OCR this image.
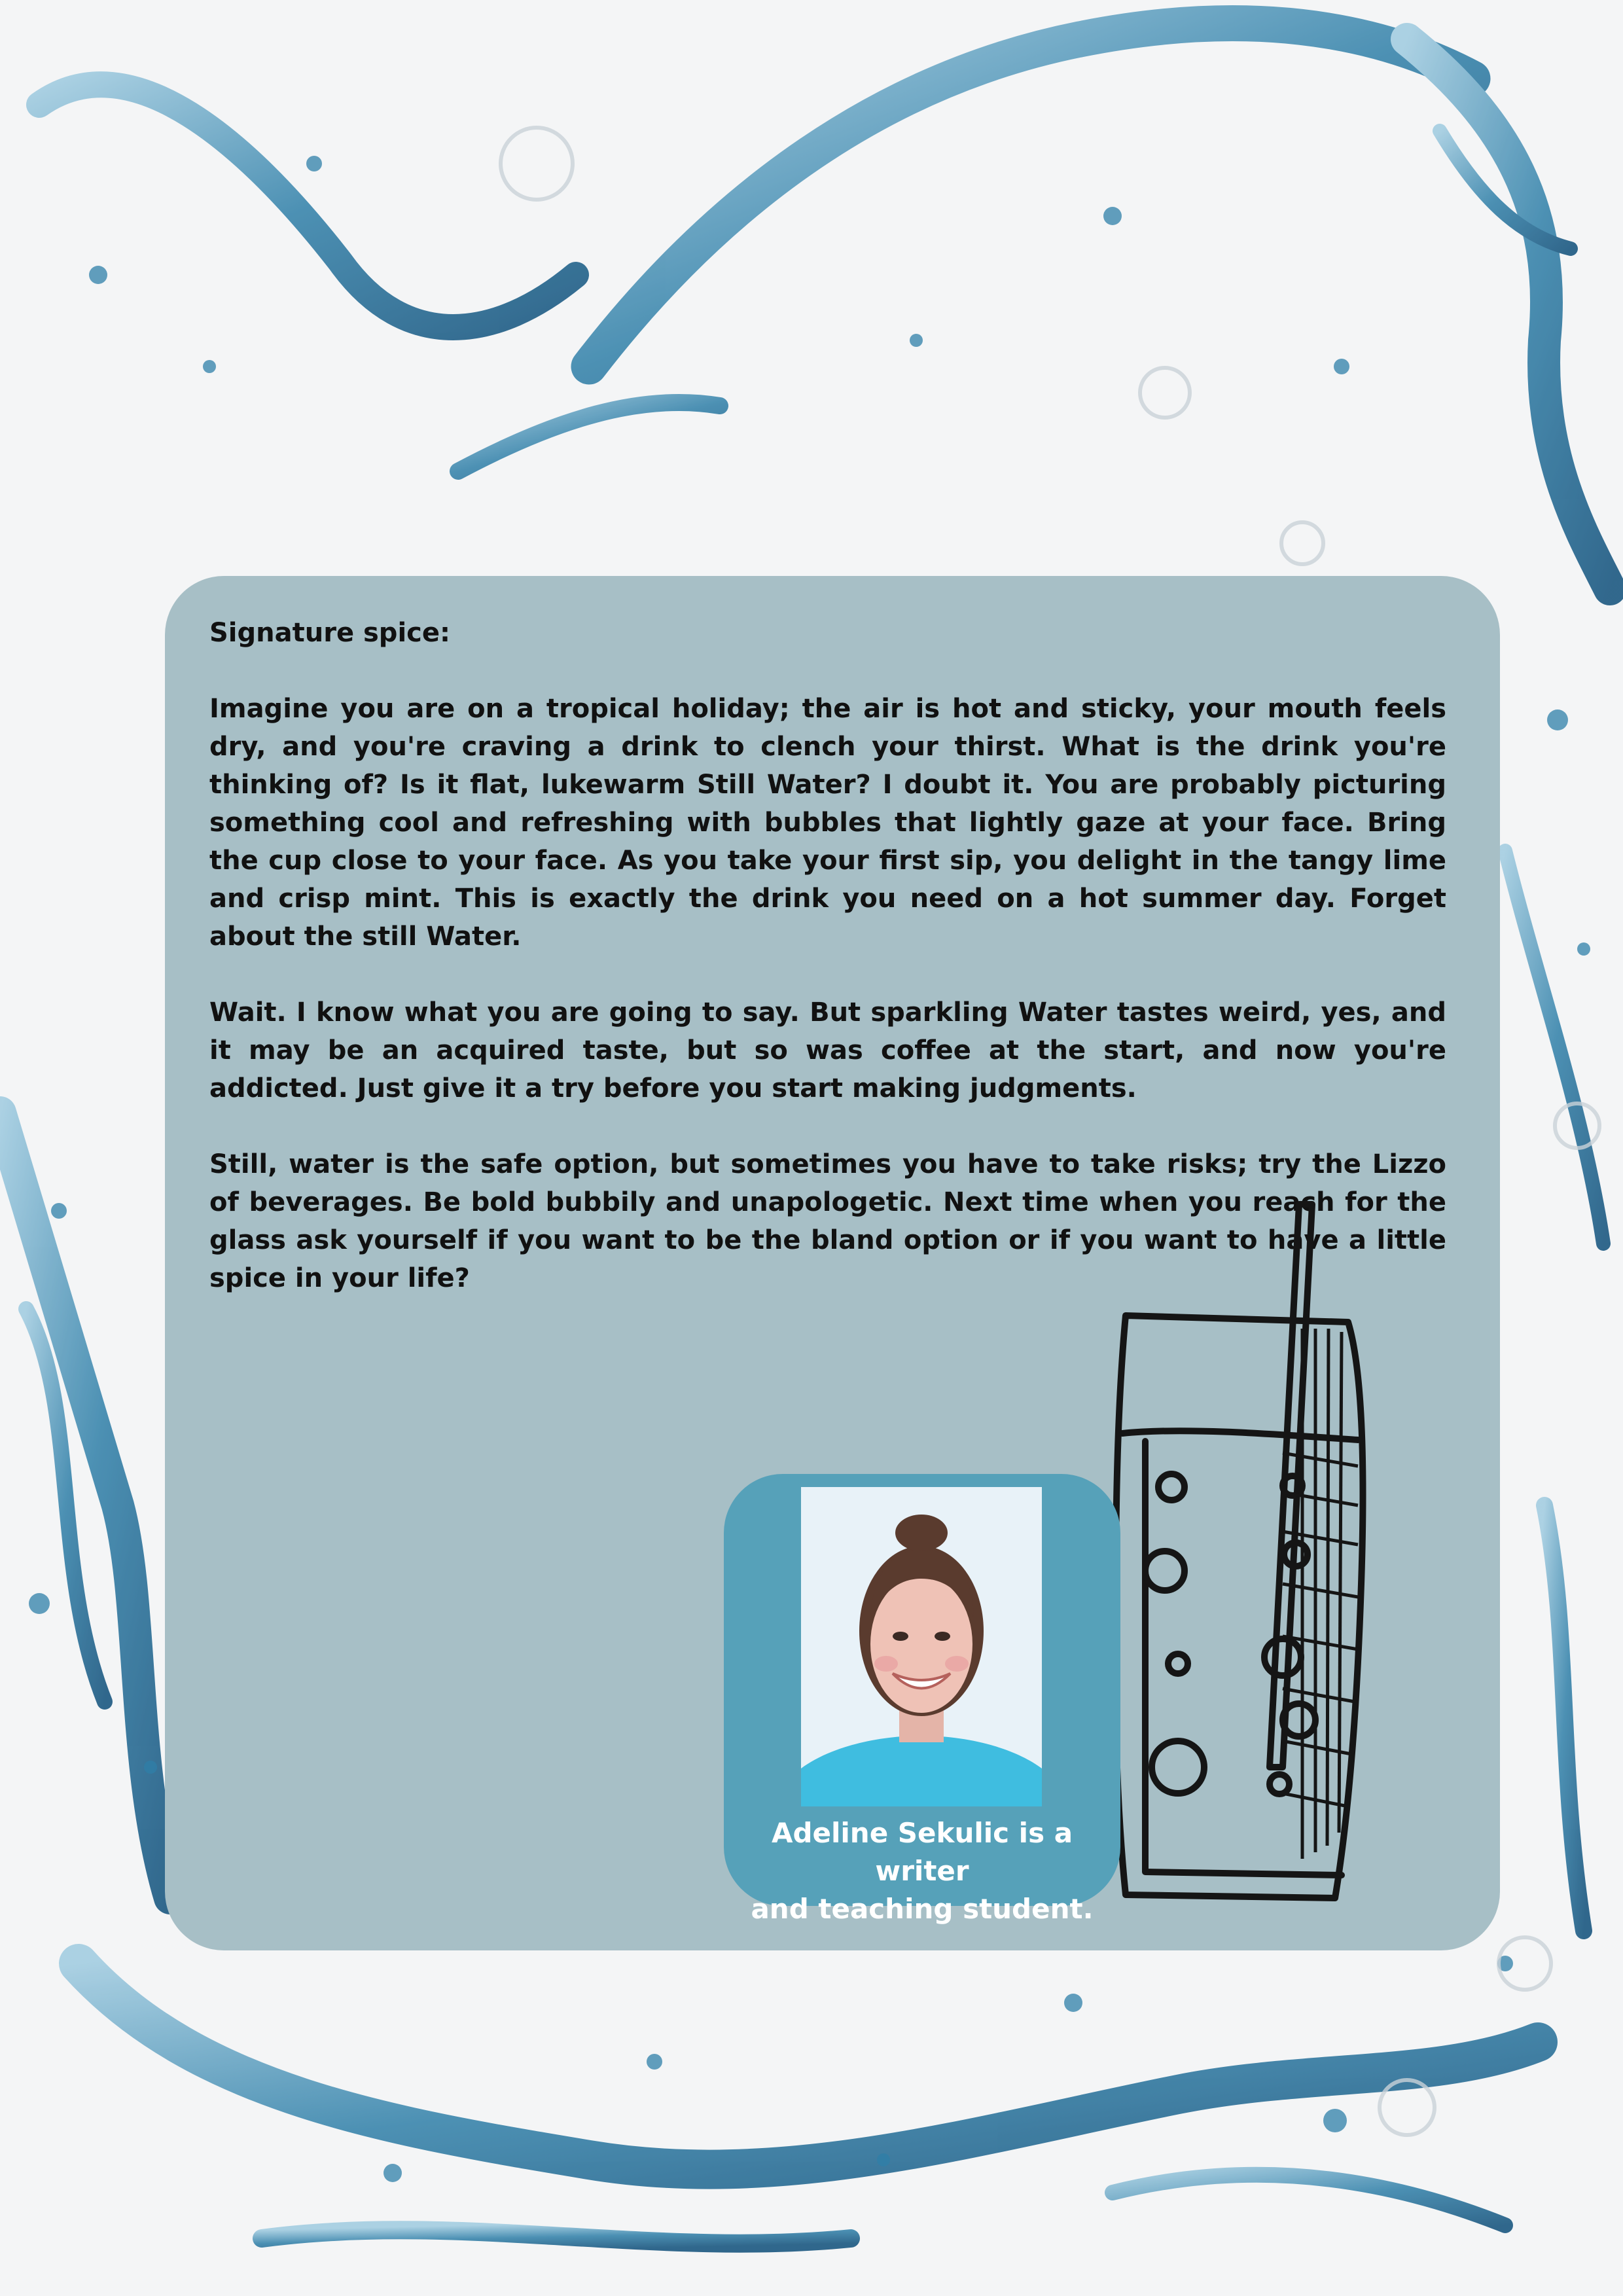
Signature spice:

Imagine you are on a tropical holiday; the air is hot and sticky, your mouth feels dry, and you're craving a drink to clench your thirst. What is the drink you're thinking of? Is it flat, lukewarm Still Water? I doubt it. You are probably picturing something cool and refreshing with bubbles that lightly gaze at your face. Bring the cup close to your face. As you take your first sip, you delight in the tangy lime and crisp mint. This is exactly the drink you need on a hot summer day. Forget about the still Water.

Wait. I know what you are going to say. But sparkling Water tastes weird, yes, and it may be an acquired taste, but so was coffee at the start, and now you're addicted. Just give it a try before you start making judgments.

Still, water is the safe option, but sometimes you have to take risks; try the Lizzo of beverages. Be bold bubbily and unapologetic. Next time when you reach for the glass ask yourself if you want to be the bland option or if you want to have a little spice in your life?

Adeline Sekulic is a writer
and teaching student.
